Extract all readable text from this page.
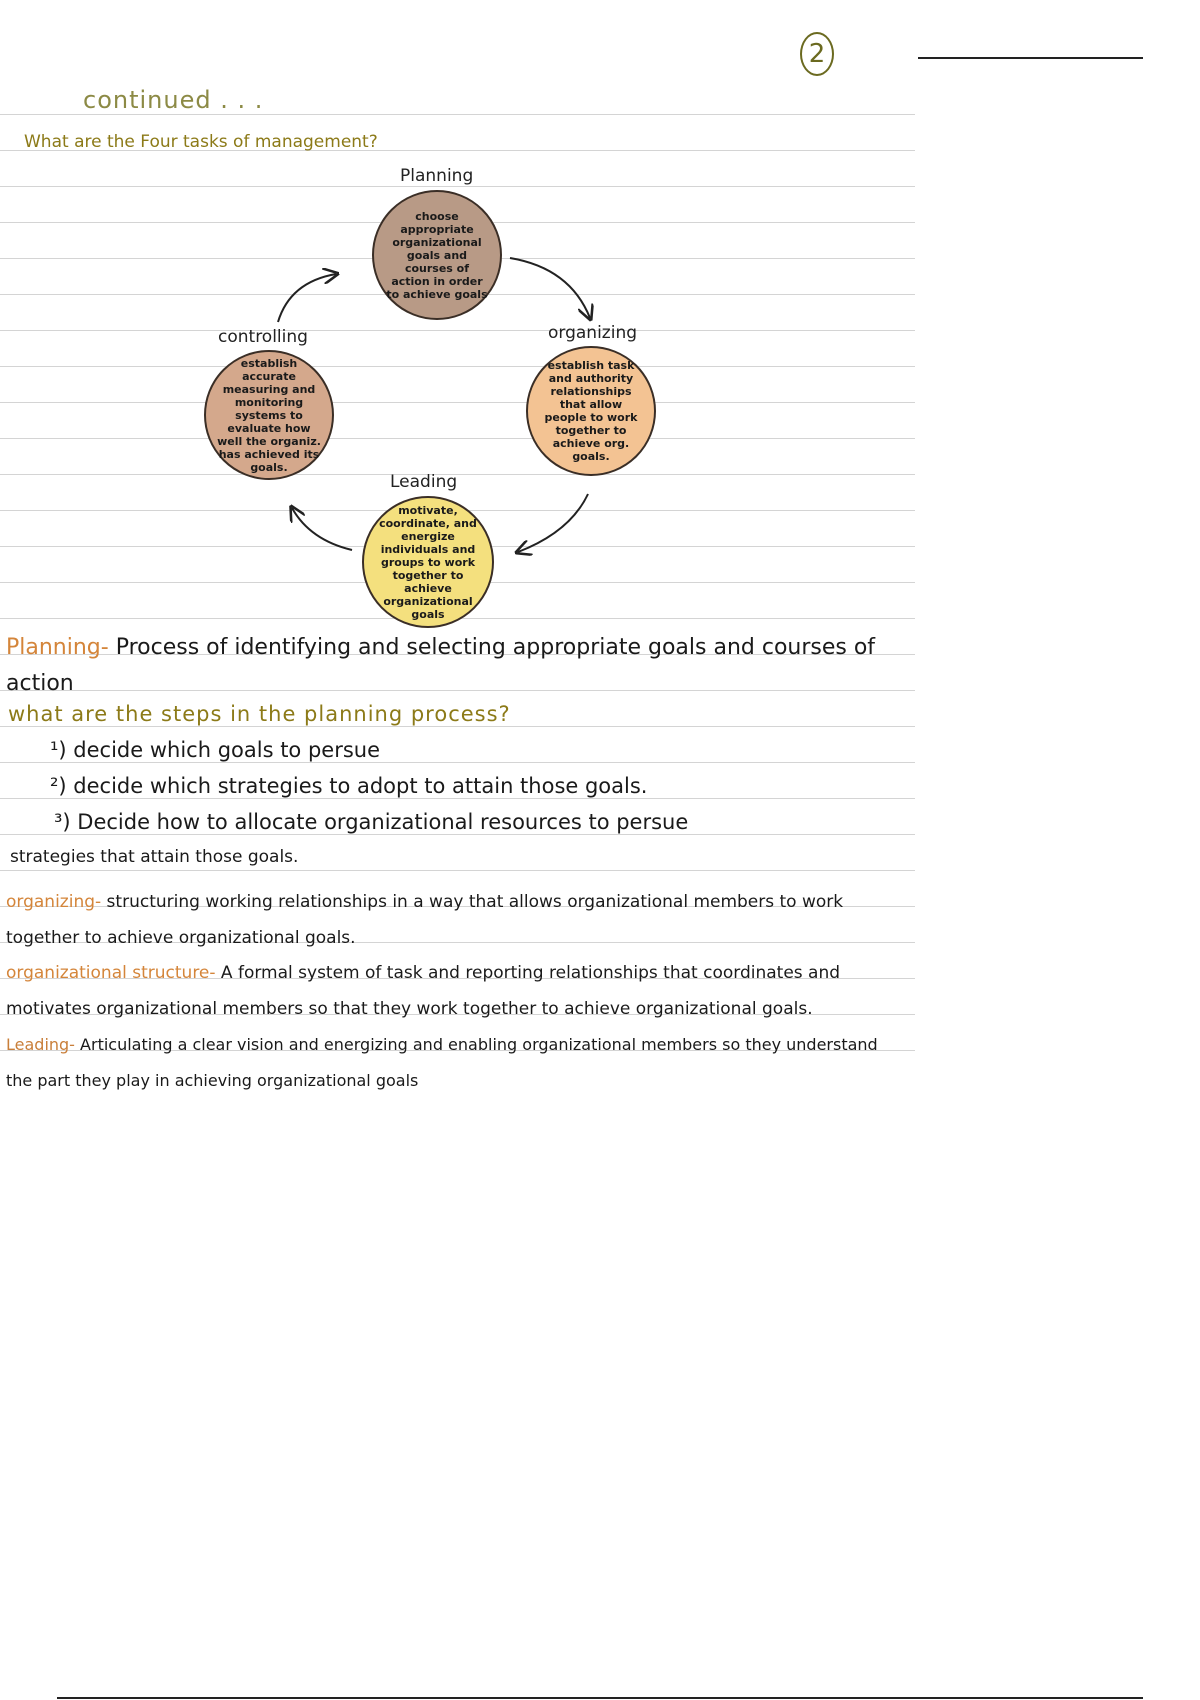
2
continued . . .
What are the Four tasks of management?
Planning
choose appropriate organizational goals and courses of action in order to achieve goals
organizing
establish task and authority relationships that allow people to work together to achieve org. goals.
Leading
motivate, coordinate, and energize individuals and groups to work together to achieve organizational goals
controlling
establish accurate measuring and monitoring systems to evaluate how well the organiz. has achieved its goals.
Planning- Process of identifying and selecting appropriate goals and courses of action
what are the steps in the planning process?
¹) decide which goals to persue
²) decide which strategies to adopt to attain those goals.
³) Decide how to allocate organizational resources to persue
strategies that attain those goals.
organizing- structuring working relationships in a way that allows organizational members to work together to achieve organizational goals.
organizational structure- A formal system of task and reporting relationships that coordinates and motivates organizational members so that they work together to achieve organizational goals.
Leading- Articulating a clear vision and energizing and enabling organizational members so they understand the part they play in achieving organizational goals
